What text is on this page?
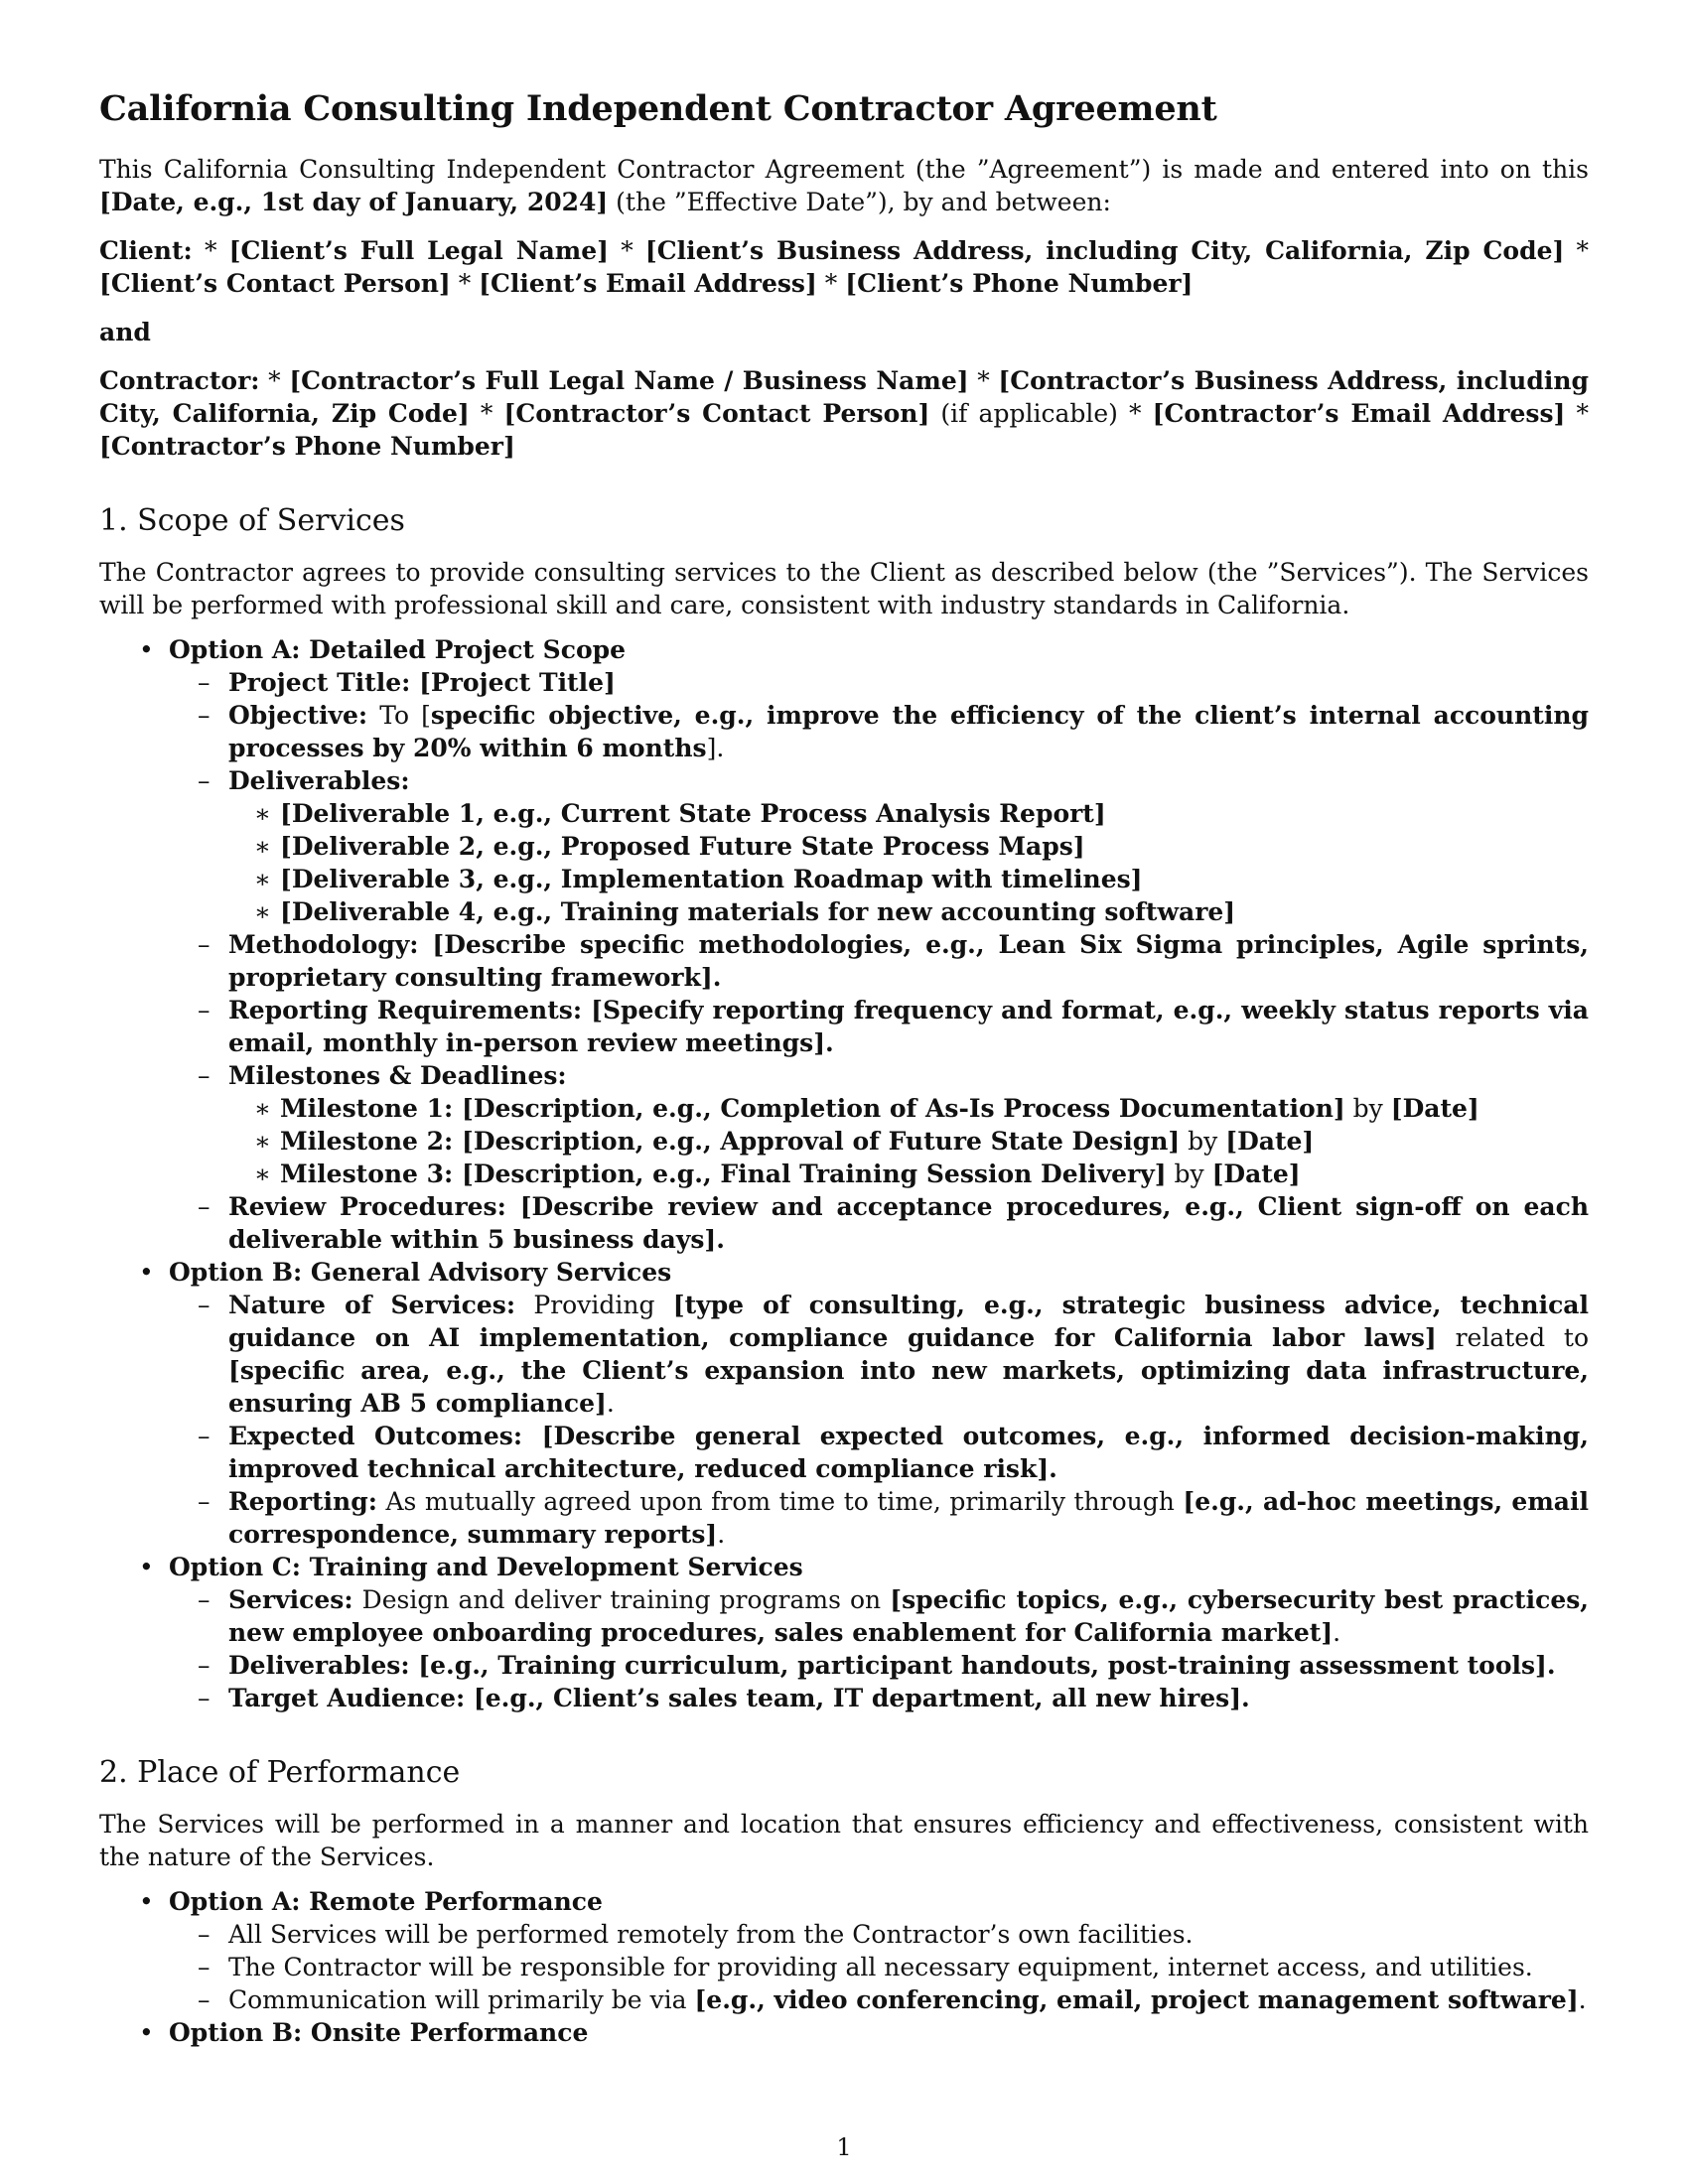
California Consulting Independent Contractor Agreement

This California Consulting Independent Contractor Agreement (the ”Agreement”) is made and entered into on this [Date, e.g., 1st day of January, 2024] (the ”Effective Date”), by and between:

Client: * [Client’s Full Legal Name] * [Client’s Business Address, including City, California, Zip Code] * [Client’s Contact Person] * [Client’s Email Address] * [Client’s Phone Number]

and

Contractor: * [Contractor’s Full Legal Name / Business Name] * [Contractor’s Business Address, including City, California, Zip Code] * [Contractor’s Contact Person] (if applicable) * [Contractor’s Email Address] * [Contractor’s Phone Number]

1. Scope of Services

The Contractor agrees to provide consulting services to the Client as described below (the ”Services”). The Services will be performed with professional skill and care, consistent with industry standards in California.

• Option A: Detailed Project Scope
– Project Title: [Project Title]
– Objective: To [specific objective, e.g., improve the efficiency of the client’s internal accounting processes by 20% within 6 months].
– Deliverables:
∗ [Deliverable 1, e.g., Current State Process Analysis Report]
∗ [Deliverable 2, e.g., Proposed Future State Process Maps]
∗ [Deliverable 3, e.g., Implementation Roadmap with timelines]
∗ [Deliverable 4, e.g., Training materials for new accounting software]
– Methodology: [Describe specific methodologies, e.g., Lean Six Sigma principles, Agile sprints, proprietary consulting framework].
– Reporting Requirements: [Specify reporting frequency and format, e.g., weekly status reports via email, monthly in-person review meetings].
– Milestones & Deadlines:
∗ Milestone 1: [Description, e.g., Completion of As-Is Process Documentation] by [Date]
∗ Milestone 2: [Description, e.g., Approval of Future State Design] by [Date]
∗ Milestone 3: [Description, e.g., Final Training Session Delivery] by [Date]
– Review Procedures: [Describe review and acceptance procedures, e.g., Client sign-off on each deliverable within 5 business days].
• Option B: General Advisory Services
– Nature of Services: Providing [type of consulting, e.g., strategic business advice, technical guidance on AI implementation, compliance guidance for California labor laws] related to [specific area, e.g., the Client’s expansion into new markets, optimizing data infrastructure, ensuring AB 5 compliance].
– Expected Outcomes: [Describe general expected outcomes, e.g., informed decision-making, improved technical architecture, reduced compliance risk].
– Reporting: As mutually agreed upon from time to time, primarily through [e.g., ad-hoc meetings, email correspondence, summary reports].
• Option C: Training and Development Services
– Services: Design and deliver training programs on [specific topics, e.g., cybersecurity best practices, new employee onboarding procedures, sales enablement for California market].
– Deliverables: [e.g., Training curriculum, participant handouts, post-training assessment tools].
– Target Audience: [e.g., Client’s sales team, IT department, all new hires].
2. Place of Performance

The Services will be performed in a manner and location that ensures efficiency and effectiveness, consistent with the nature of the Services.

• Option A: Remote Performance
– All Services will be performed remotely from the Contractor’s own facilities.
– The Contractor will be responsible for providing all necessary equipment, internet access, and utilities.
– Communication will primarily be via [e.g., video conferencing, email, project management software].
• Option B: Onsite Performance
1
